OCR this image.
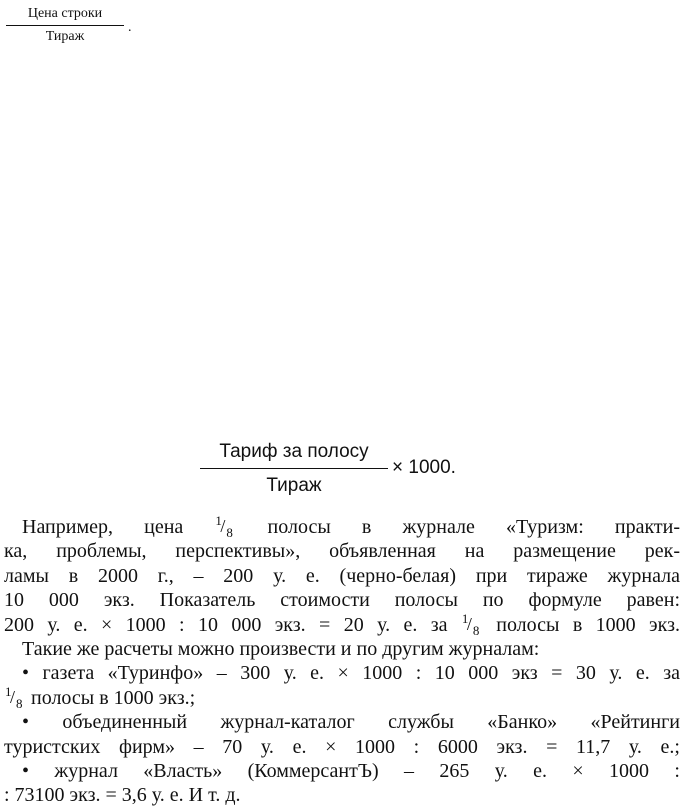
Цена строки
Тираж
.
Тариф за полосу
Тираж
× 1000.
Например, цена 1
/ 8 полосы в журнале «Туризм: практи-
ка, проблемы, перспективы», объявленная на размещение рек-
ламы в 2000 г., – 200 у. е. (черно-белая) при тираже журнала
10 000 экз. Показатель стоимости полосы по формуле равен:
200 у. е. × 1000 : 10 000 экз. = 20 у. е. за 1
/ 8 полосы в 1000 экз.
Такие же расчеты можно произвести и по другим журналам:
• газета «Туринфо» – 300 у. е. × 1000 : 10 000 экз = 30 у. е. за
1
/ 8 полосы в 1000 экз.;
• объединенный журнал-каталог службы «Банко» «Рейтинги
туристских фирм» – 70 у. е. × 1000 : 6000 экз. = 11,7 у. е.;
• журнал «Власть» (КоммерсантЪ) – 265 у. е. × 1000 :
: 73100 экз. = 3,6 у. е. И т. д.
